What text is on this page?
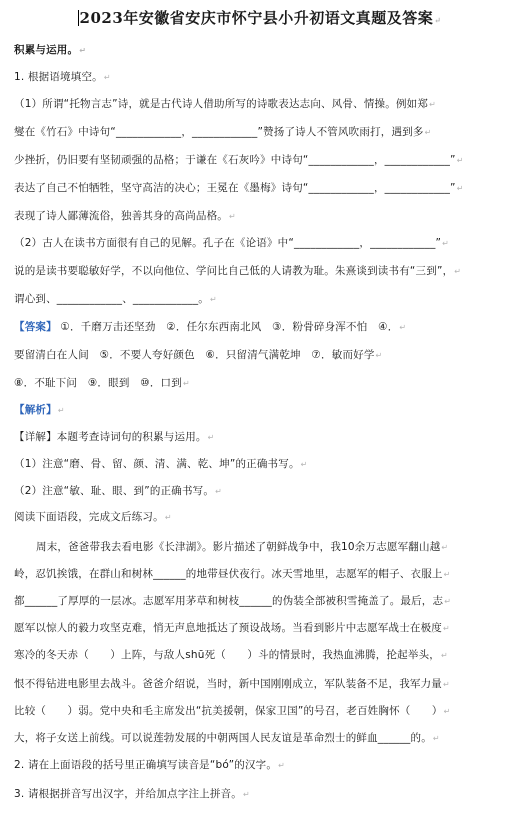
2023年安徽省安庆市怀宁县小升初语文真题及答案↵
积累与运用。↵
1. 根据语境填空。↵
（1）所谓“托物言志”诗，就是古代诗人借助所写的诗歌表达志向、风骨、情操。例如郑↵
燮在《竹石》中诗句“____________，____________”赞扬了诗人不管风吹雨打，遇到多↵
少挫折，仍旧要有坚韧顽强的品格；于谦在《石灰吟》中诗句“____________，____________”↵
表达了自己不怕牺牲，坚守高洁的决心；王冕在《墨梅》诗句“____________，____________”↵
表现了诗人鄙薄流俗，独善其身的高尚品格。↵
（2）古人在读书方面很有自己的见解。孔子在《论语》中“____________，____________”↵
说的是读书要聪敏好学，不以向他位、学问比自己低的人请教为耻。朱熹谈到读书有“三到”，↵
谓心到、____________、____________。↵
【答案】 ①．千磨万击还坚劲　②．任尔东西南北风　③．粉骨碎身浑不怕　④．↵
要留清白在人间　⑤．不要人夸好颜色　⑥．只留清气满乾坤　⑦．敏而好学↵
⑧．不耻下问　⑨．眼到　⑩．口到↵
【解析】↵
【详解】本题考查诗词句的积累与运用。↵
（1）注意“磨、骨、留、颜、清、满、乾、坤”的正确书写。↵
（2）注意“敏、耻、眼、到”的正确书写。↵
阅读下面语段，完成文后练习。↵
周末，爸爸带我去看电影《长津湖》。影片描述了朝鲜战争中，我10余万志愿军翻山越↵
岭，忍饥挨饿，在群山和树林______的地带昼伏夜行。冰天雪地里，志愿军的帽子、衣服上↵
都______了厚厚的一层冰。志愿军用茅草和树枝______的伪装全部被积雪掩盖了。最后，志↵
愿军以惊人的毅力攻坚克难，悄无声息地抵达了预设战场。当看到影片中志愿军战士在极度↵
寒冷的冬天赤（　　）上阵，与敌人shū死（　　）斗的情景时，我热血沸腾，抡起举头，↵
恨不得钻进电影里去战斗。爸爸介绍说，当时，新中国刚刚成立，军队装备不足，我军力量↵
比较（　　）弱。党中央和毛主席发出“抗美援朝，保家卫国”的号召，老百姓胸怀（　　）↵
大，将子女送上前线。可以说莲勃发展的中朝两国人民友谊是革命烈士的鲜血______的。↵
2. 请在上面语段的括号里正确填写读音是“bó”的汉字。↵
3. 请根据拼音写出汉字，并给加点字注上拼音。↵
